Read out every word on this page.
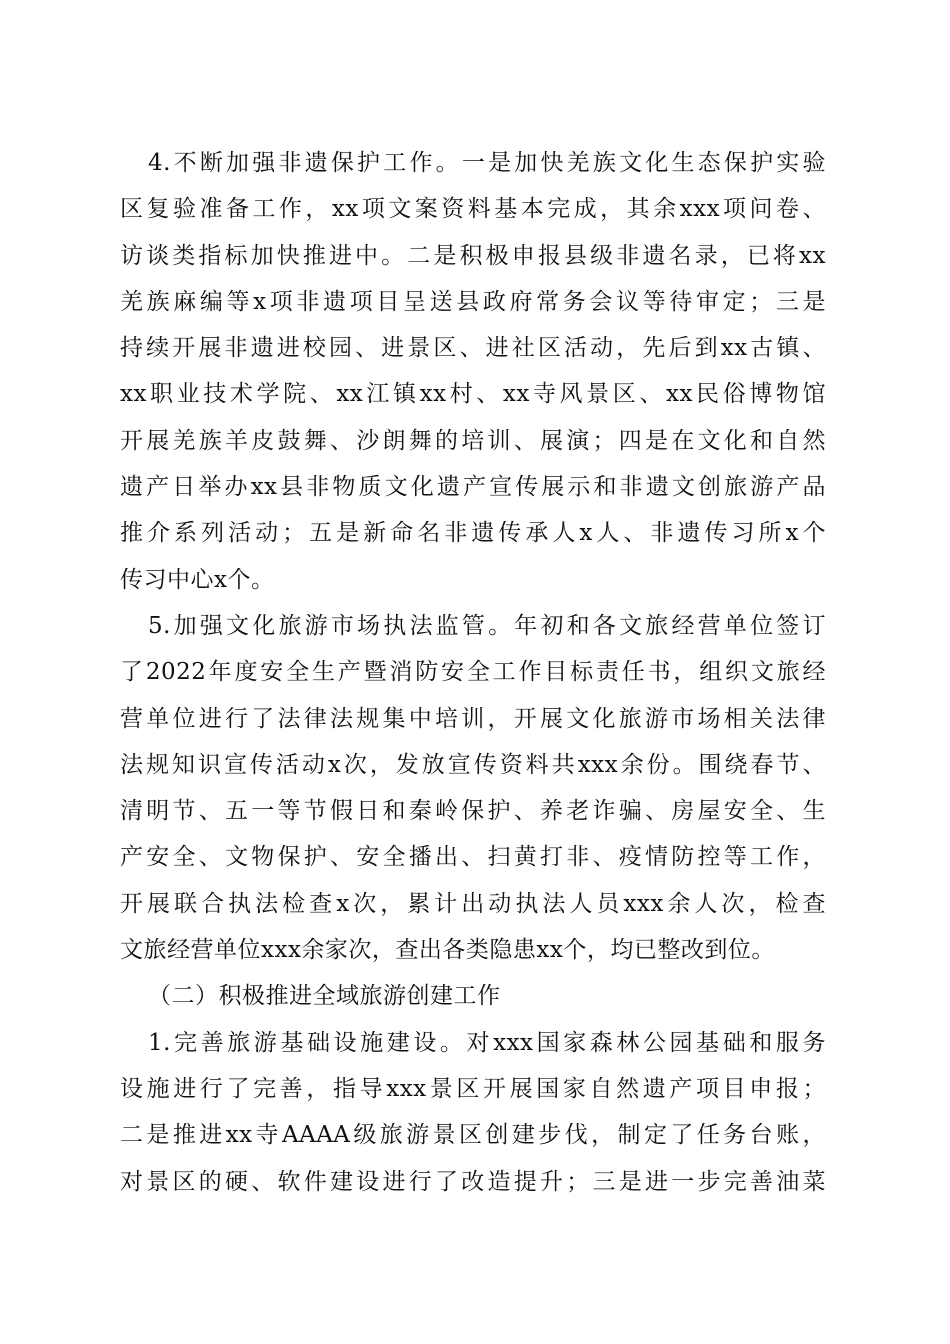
4.不断加强非遗保护工作。一是加快羌族文化生态保护实验
区复验准备工作，xx项文案资料基本完成，其余xxx项问卷、
访谈类指标加快推进中。二是积极申报县级非遗名录，已将xx
羌族麻编等x项非遗项目呈送县政府常务会议等待审定；三是
持续开展非遗进校园、进景区、进社区活动，先后到xx古镇、
xx职业技术学院、xx江镇xx村、xx寺风景区、xx民俗博物馆
开展羌族羊皮鼓舞、沙朗舞的培训、展演；四是在文化和自然
遗产日举办xx县非物质文化遗产宣传展示和非遗文创旅游产品
推介系列活动；五是新命名非遗传承人x人、非遗传习所x个
传习中心x个。
5.加强文化旅游市场执法监管。年初和各文旅经营单位签订
了2022年度安全生产暨消防安全工作目标责任书，组织文旅经
营单位进行了法律法规集中培训，开展文化旅游市场相关法律
法规知识宣传活动x次，发放宣传资料共xxx余份。围绕春节、
清明节、五一等节假日和秦岭保护、养老诈骗、房屋安全、生
产安全、文物保护、安全播出、扫黄打非、疫情防控等工作，
开展联合执法检查x次，累计出动执法人员xxx余人次，检查
文旅经营单位xxx余家次，查出各类隐患xx个，均已整改到位。
（二）积极推进全域旅游创建工作
1.完善旅游基础设施建设。对xxx国家森林公园基础和服务
设施进行了完善，指导xxx景区开展国家自然遗产项目申报；
二是推进xx寺AAAA级旅游景区创建步伐，制定了任务台账，
对景区的硬、软件建设进行了改造提升；三是进一步完善油菜
